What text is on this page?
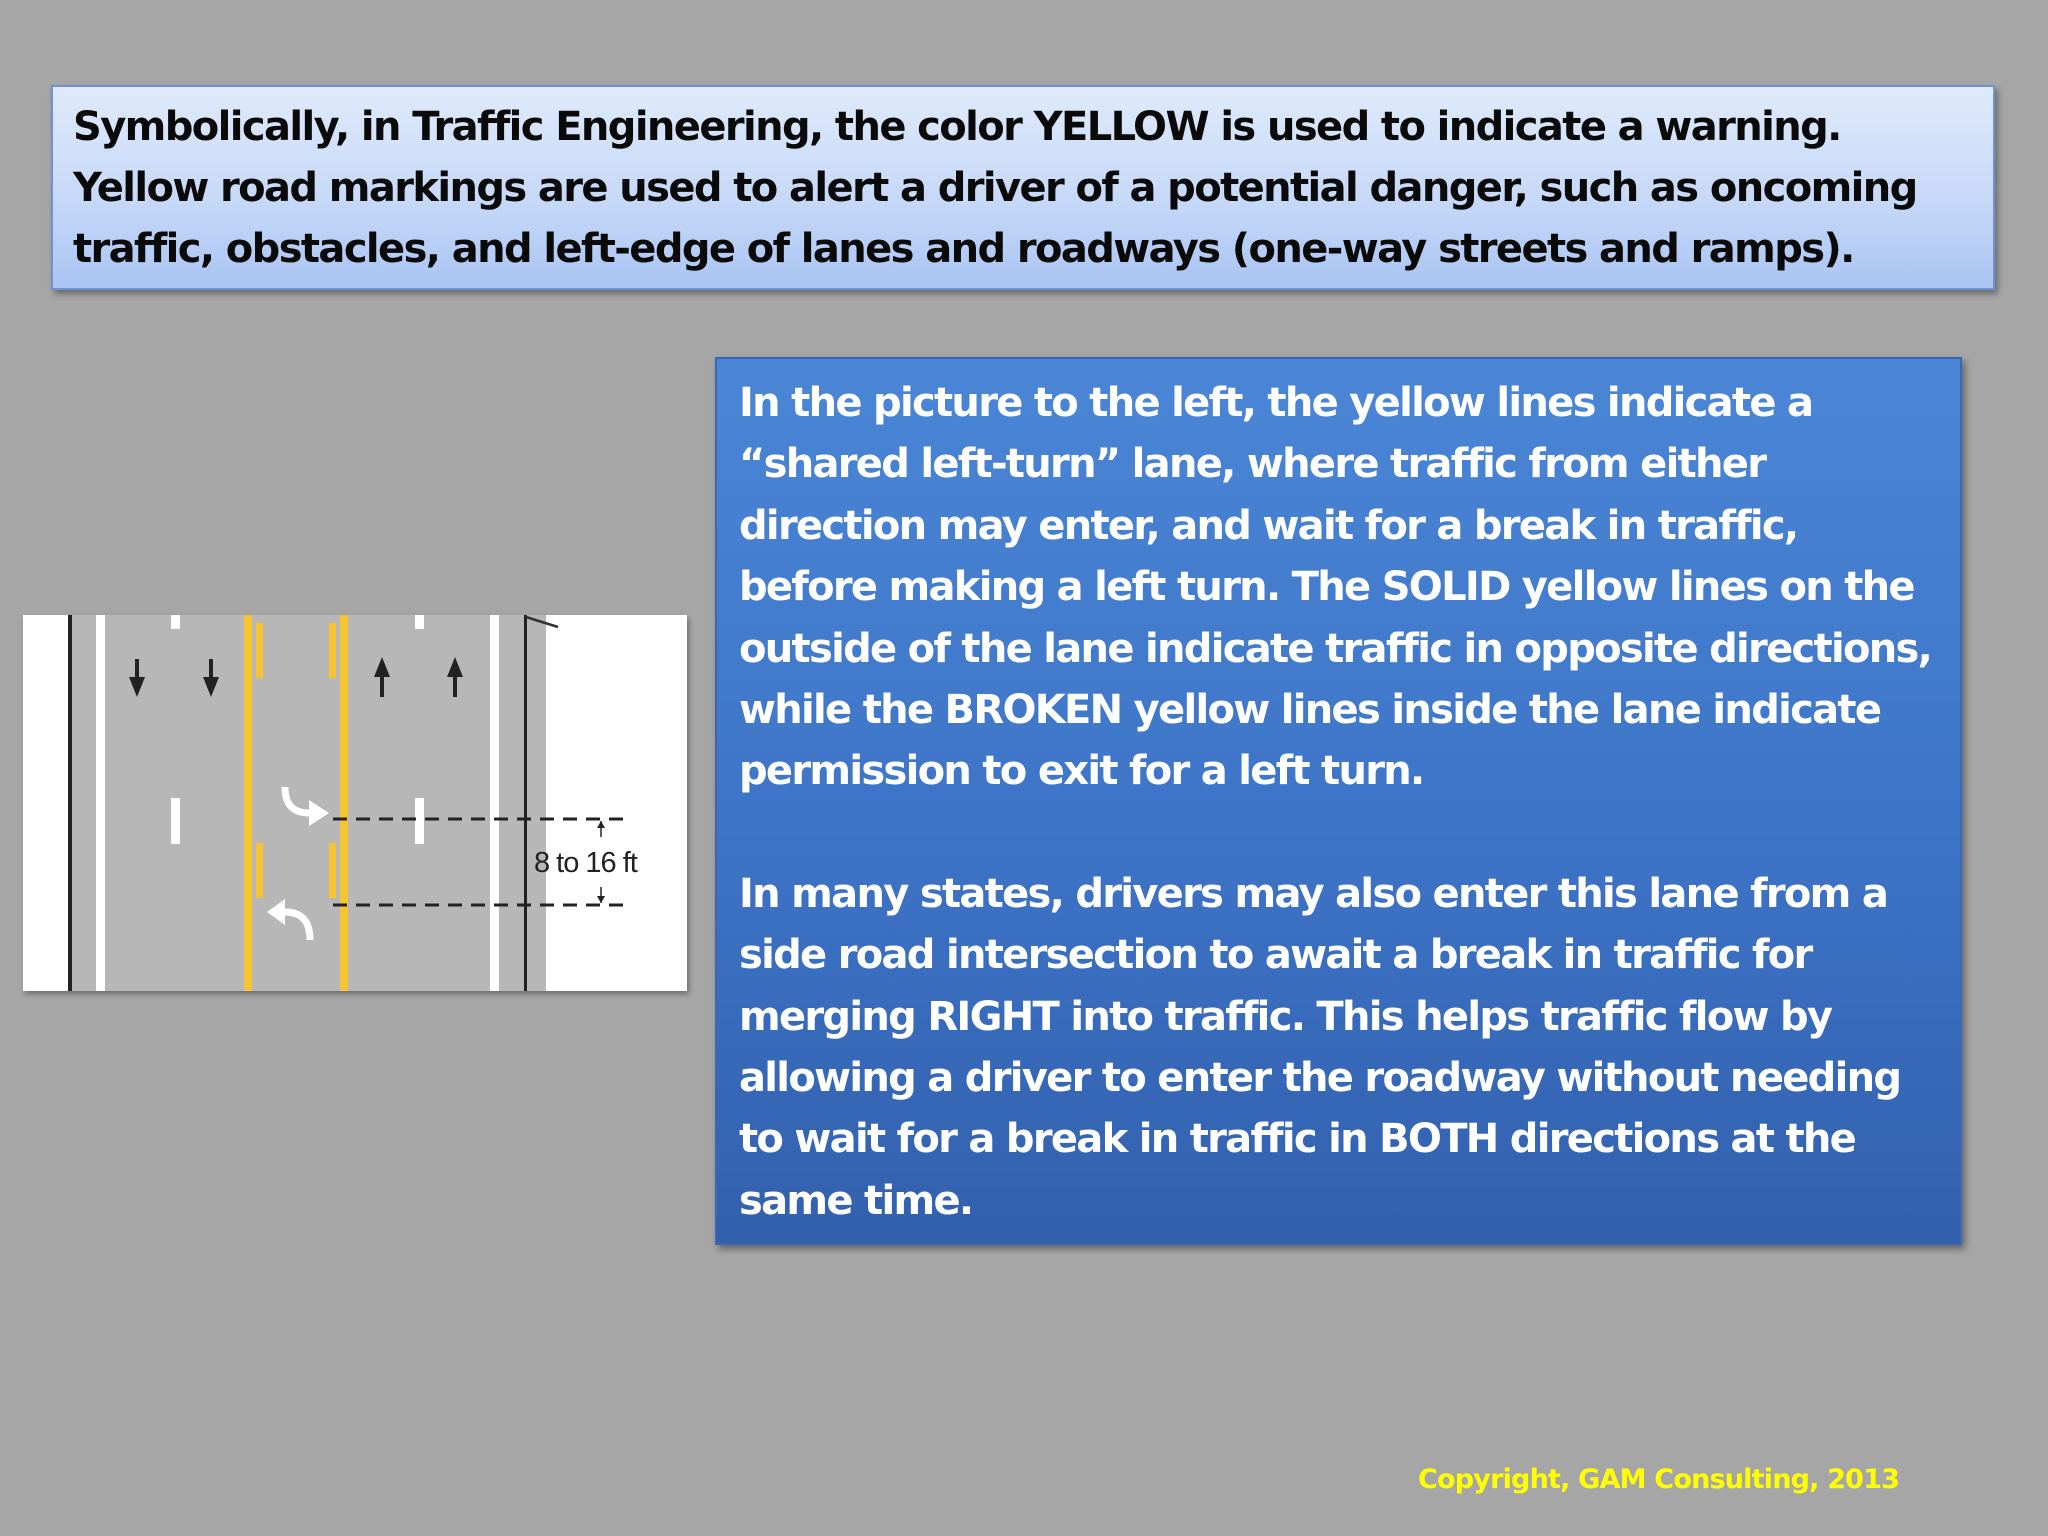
Symbolically, in Traffic Engineering, the color YELLOW is used to indicate a warning.

Yellow road markings are used to alert a driver of a potential danger, such as oncoming

traffic, obstacles, and left-edge of lanes and roadways (one-way streets and ramps).

8 to 16 ft

In the picture to the left, the yellow lines indicate a

“shared left-turn” lane, where traffic from either

direction may enter, and wait for a break in traffic,

before making a left turn. The SOLID yellow lines on the

outside of the lane indicate traffic in opposite directions,

while the BROKEN yellow lines inside the lane indicate

permission to exit for a left turn.

In many states, drivers may also enter this lane from a

side road intersection to await a break in traffic for

merging RIGHT into traffic. This helps traffic flow by

allowing a driver to enter the roadway without needing

to wait for a break in traffic in BOTH directions at the

same time.

Copyright, GAM Consulting, 2013
